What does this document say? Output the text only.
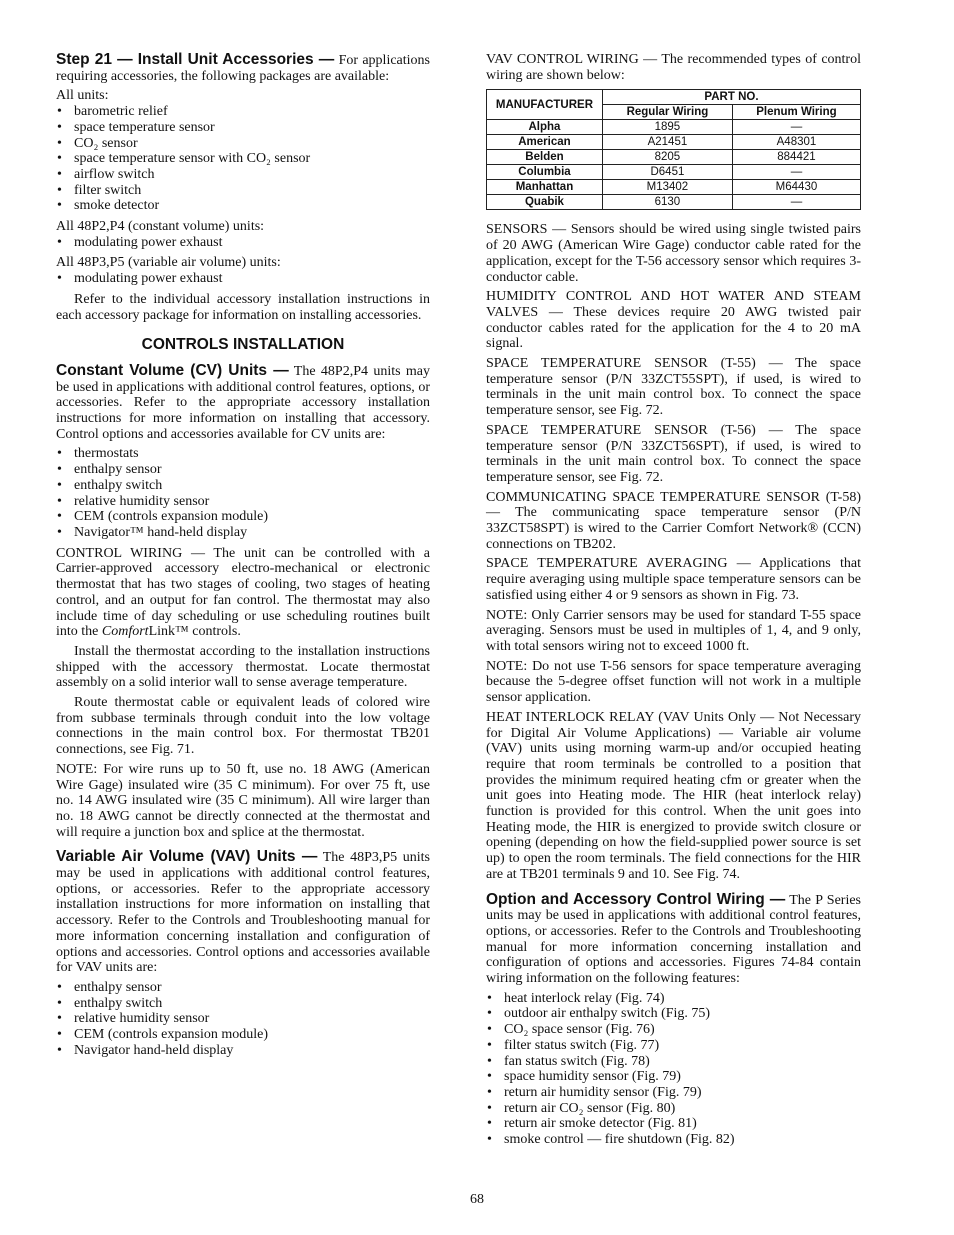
Step 21 — Install Unit Accessories — For applications requiring accessories, the following packages are available:

All units:

• barometric relief
• space temperature sensor
• CO₂ sensor
• space temperature sensor with CO₂ sensor
• airflow switch
• filter switch
• smoke detector

All 48P2,P4 (constant volume) units:

• modulating power exhaust

All 48P3,P5 (variable air volume) units:

• modulating power exhaust

Refer to the individual accessory installation instructions in each accessory package for information on installing accessories.

CONTROLS INSTALLATION

Constant Volume (CV) Units — The 48P2,P4 units may be used in applications with additional control features, options, or accessories. Refer to the appropriate accessory installation instructions for more information on installing that accessory. Control options and accessories available for CV units are:

• thermostats
• enthalpy sensor
• enthalpy switch
• relative humidity sensor
• CEM (controls expansion module)
• Navigator™ hand-held display

CONTROL WIRING — The unit can be controlled with a Carrier-approved accessory electro-mechanical or electronic thermostat that has two stages of cooling, two stages of heating control, and an output for fan control. The thermostat may also include time of day scheduling or use scheduling routines built into the ComfortLink™ controls.

Install the thermostat according to the installation instructions shipped with the accessory thermostat. Locate thermostat assembly on a solid interior wall to sense average temperature.

Route thermostat cable or equivalent leads of colored wire from subbase terminals through conduit into the low voltage connections in the main control box. For thermostat TB201 connections, see Fig. 71.

NOTE: For wire runs up to 50 ft, use no. 18 AWG (American Wire Gage) insulated wire (35 C minimum). For over 75 ft, use no. 14 AWG insulated wire (35 C minimum). All wire larger than no. 18 AWG cannot be directly connected at the thermostat and will require a junction box and splice at the thermostat.

Variable Air Volume (VAV) Units — The 48P3,P5 units may be used in applications with additional control features, options, or accessories. Refer to the appropriate accessory installation instructions for more information on installing that accessory. Refer to the Controls and Troubleshooting manual for more information concerning installation and configuration of options and accessories. Control options and accessories available for VAV units are:

• enthalpy sensor
• enthalpy switch
• relative humidity sensor
• CEM (controls expansion module)
• Navigator hand-held display

VAV CONTROL WIRING — The recommended types of control wiring are shown below:

MANUFACTURER	PART NO.	
	Regular Wiring	Plenum Wiring
Alpha	1895	—
American	A21451	A48301
Belden	8205	884421
Columbia	D6451	—
Manhattan	M13402	M64430
Quabik	6130	—

SENSORS — Sensors should be wired using single twisted pairs of 20 AWG (American Wire Gage) conductor cable rated for the application, except for the T-56 accessory sensor which requires 3-conductor cable.

HUMIDITY CONTROL AND HOT WATER AND STEAM VALVES — These devices require 20 AWG twisted pair conductor cables rated for the application for the 4 to 20 mA signal.

SPACE TEMPERATURE SENSOR (T-55) — The space temperature sensor (P/N 33ZCT55SPT), if used, is wired to terminals in the unit main control box. To connect the space temperature sensor, see Fig. 72.

SPACE TEMPERATURE SENSOR (T-56) — The space temperature sensor (P/N 33ZCT56SPT), if used, is wired to terminals in the unit main control box. To connect the space temperature sensor, see Fig. 72.

COMMUNICATING SPACE TEMPERATURE SENSOR (T-58) — The communicating space temperature sensor (P/N 33ZCT58SPT) is wired to the Carrier Comfort Network® (CCN) connections on TB202.

SPACE TEMPERATURE AVERAGING — Applications that require averaging using multiple space temperature sensors can be satisfied using either 4 or 9 sensors as shown in Fig. 73.

NOTE: Only Carrier sensors may be used for standard T-55 space averaging. Sensors must be used in multiples of 1, 4, and 9 only, with total sensors wiring not to exceed 1000 ft.

NOTE: Do not use T-56 sensors for space temperature averaging because the 5-degree offset function will not work in a multiple sensor application.

HEAT INTERLOCK RELAY (VAV Units Only — Not Necessary for Digital Air Volume Applications) — Variable air volume (VAV) units using morning warm-up and/or occupied heating require that room terminals be controlled to a position that provides the minimum required heating cfm or greater when the unit goes into Heating mode. The HIR (heat interlock relay) function is provided for this control. When the unit goes into Heating mode, the HIR is energized to provide switch closure or opening (depending on how the field-supplied power source is set up) to open the room terminals. The field connections for the HIR are at TB201 terminals 9 and 10. See Fig. 74.

Option and Accessory Control Wiring — The P Series units may be used in applications with additional control features, options, or accessories. Refer to the Controls and Troubleshooting manual for more information concerning installation and configuration of options and accessories. Figures 74-84 contain wiring information on the following features:

• heat interlock relay (Fig. 74)
• outdoor air enthalpy switch (Fig. 75)
• CO₂ space sensor (Fig. 76)
• filter status switch (Fig. 77)
• fan status switch (Fig. 78)
• space humidity sensor (Fig. 79)
• return air humidity sensor (Fig. 79)
• return air CO₂ sensor (Fig. 80)
• return air smoke detector (Fig. 81)
• smoke control — fire shutdown (Fig. 82)
68
